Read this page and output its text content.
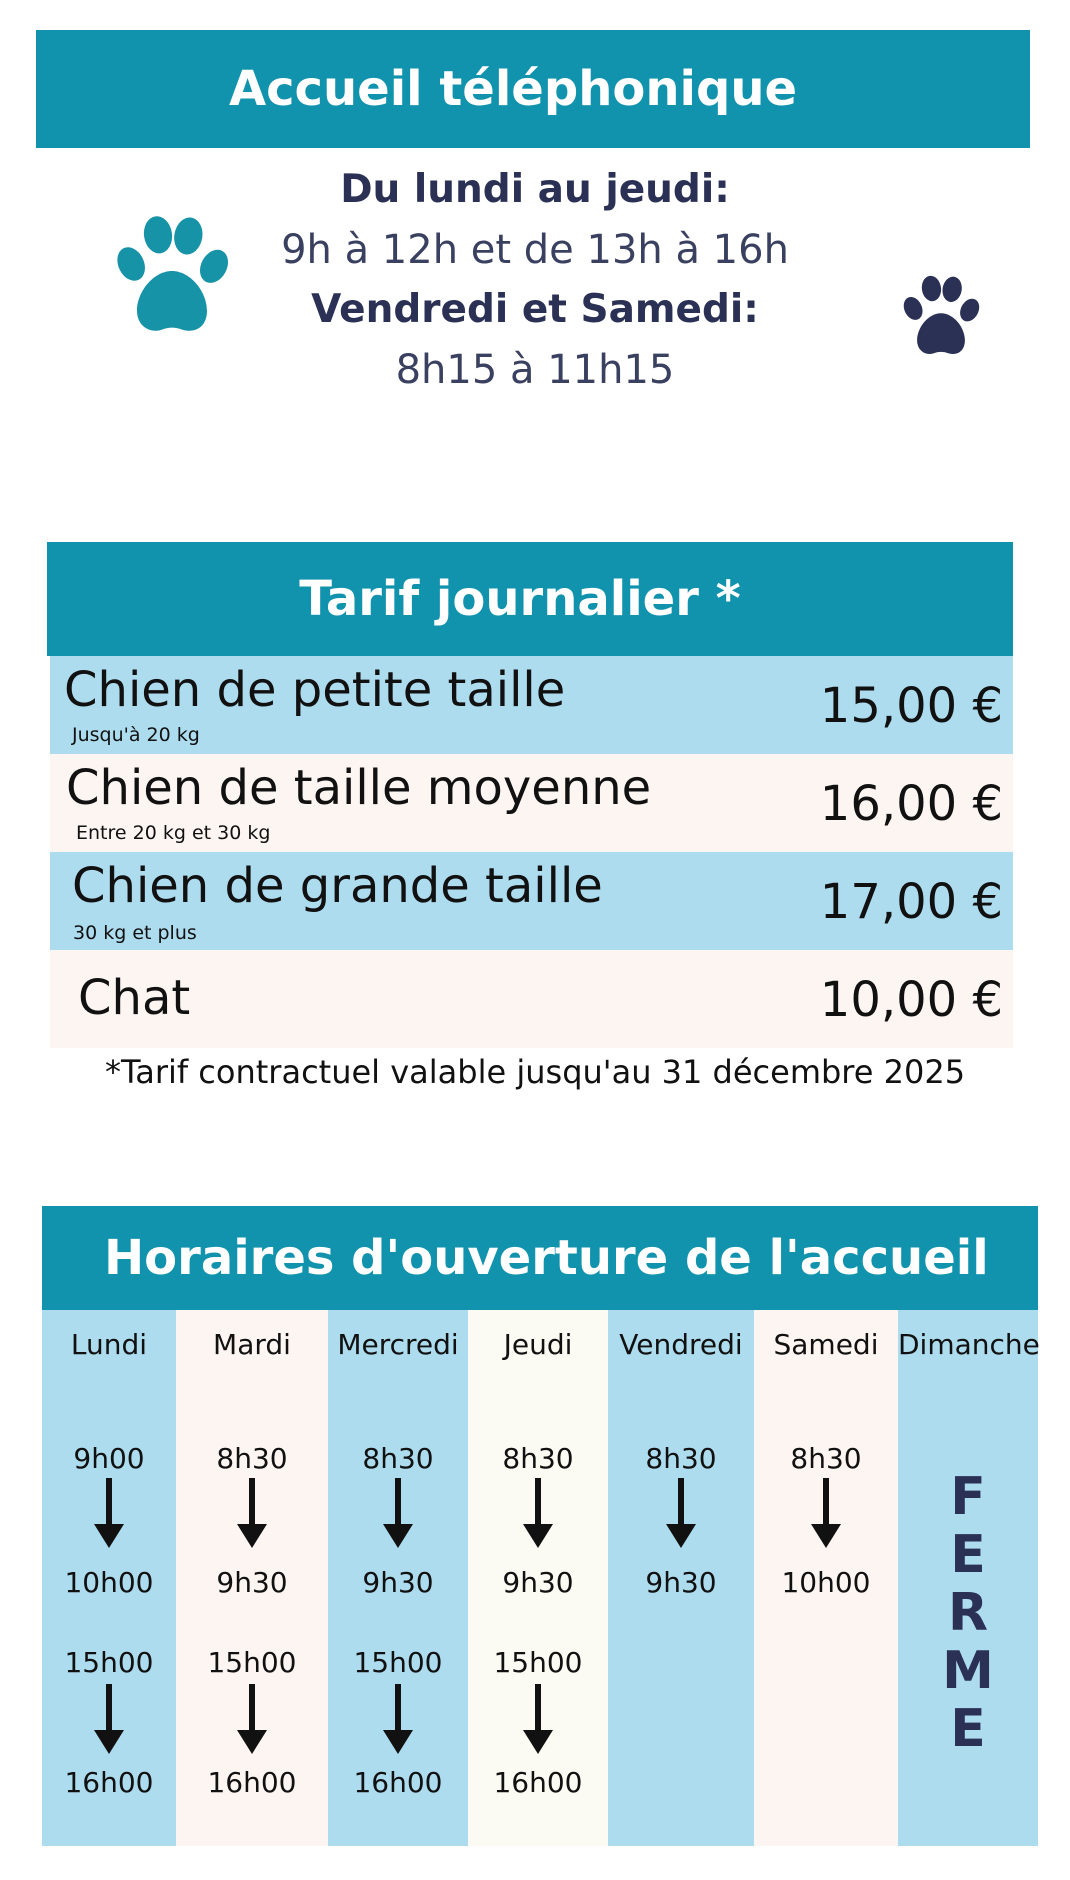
Accueil téléphonique
Du lundi au jeudi:
9h à 12h et de 13h à 16h
Vendredi et Samedi:
8h15 à 11h15
Tarif journalier *
Chien de petite taille
Jusqu'à 20 kg
15,00 €
Chien de taille moyenne
Entre 20 kg et 30 kg
16,00 €
Chien de grande taille
30 kg et plus
17,00 €
Chat	10,00 €
*Tarif contractuel valable jusqu'au 31 décembre 2025
Horaires d'ouverture de l'accueil
Lundi
9h00
10h00
15h00
16h00
Mardi
8h30
9h30
15h00
16h00
Mercredi
8h30
9h30
15h00
16h00
Jeudi
8h30
9h30
15h00
16h00
Vendredi
8h30
9h30
Samedi
8h30
10h00
Dimanche
F
E
R
M
E
